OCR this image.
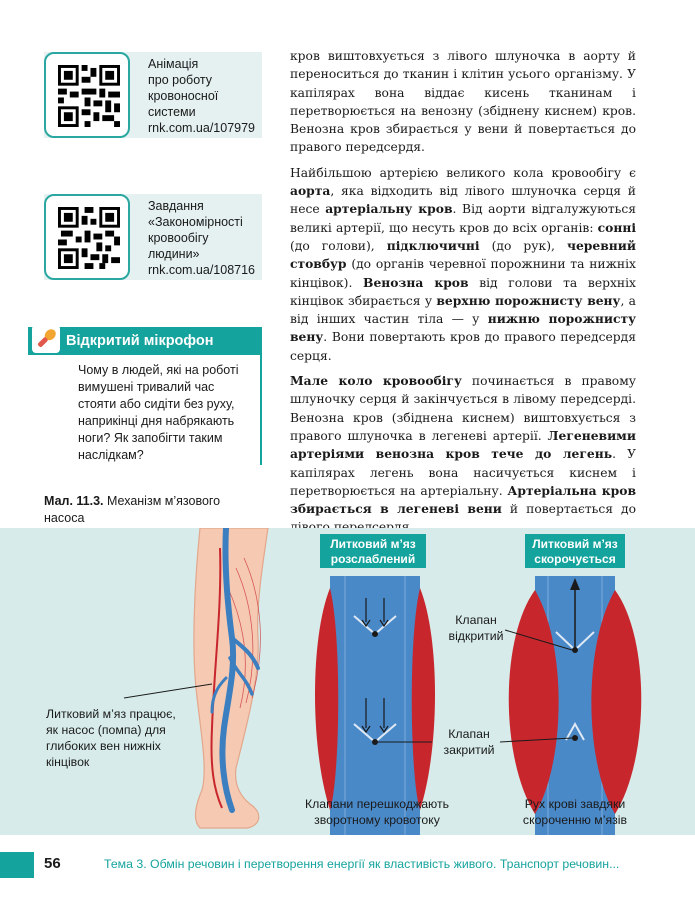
Анімація
про роботу
кровоносної
системи
rnk.com.ua/107979
Завдання
«Закономірності
кровообігу
людини»
rnk.com.ua/108716
Відкритий мікрофон
Чому в людей, які на роботі
вимушені тривалий час
стояти або сидіти без руху,
наприкінці дня набрякають
ноги? Як запобігти таким
наслідкам?
Мал. 11.3. Механізм м’язового насоса

кров виштовхується з лівого шлуночка в аорту й переноситься до тканин і клітин усього організму. У капілярах вона віддає кисень тканинам і перетворюється на венозну (збіднену киснем) кров. Венозна кров збирається у вени й повертається до правого передсердя.

Найбільшою артерією великого кола кровообігу є аорта, яка відходить від лівого шлуночка серця й несе артеріальну кров. Від аорти відгалужуються великі артерії, що несуть кров до всіх органів: сонні (до голови), підключичні (до рук), черевний стовбур (до органів черевної порожнини та нижніх кінцівок). Венозна кров від голови та верхніх кінцівок збирається у верхню порожнисту вену, а від інших частин тіла — у нижню порожнисту вену. Вони повертають кров до правого передсердя серця.

Мале коло кровообігу починається в правому шлуночку серця й закінчується в лівому передсерді. Венозна кров (збіднена киснем) виштовхується з правого шлуночка в легеневі артерії. Легеневими артеріями венозна кров тече до легень. У капілярах легень вона насичується киснем і перетворюється на артеріальну. Артеріальна кров збирається в легеневі вени й повертається до

Литковий м’яз
розслаблений
Литковий м’яз
скорочується
Литковий м’яз працює,
як насос (помпа) для
глибоких вен нижніх
кінцівок
Клапан
відкритий
Клапан
закритий
Клапани перешкоджають
зворотному кровотоку
Рух крові завдяки
скороченню м’язів
56	Тема 3. Обмін речовин і перетворення енергії як властивість живого. Транспорт речовин...
